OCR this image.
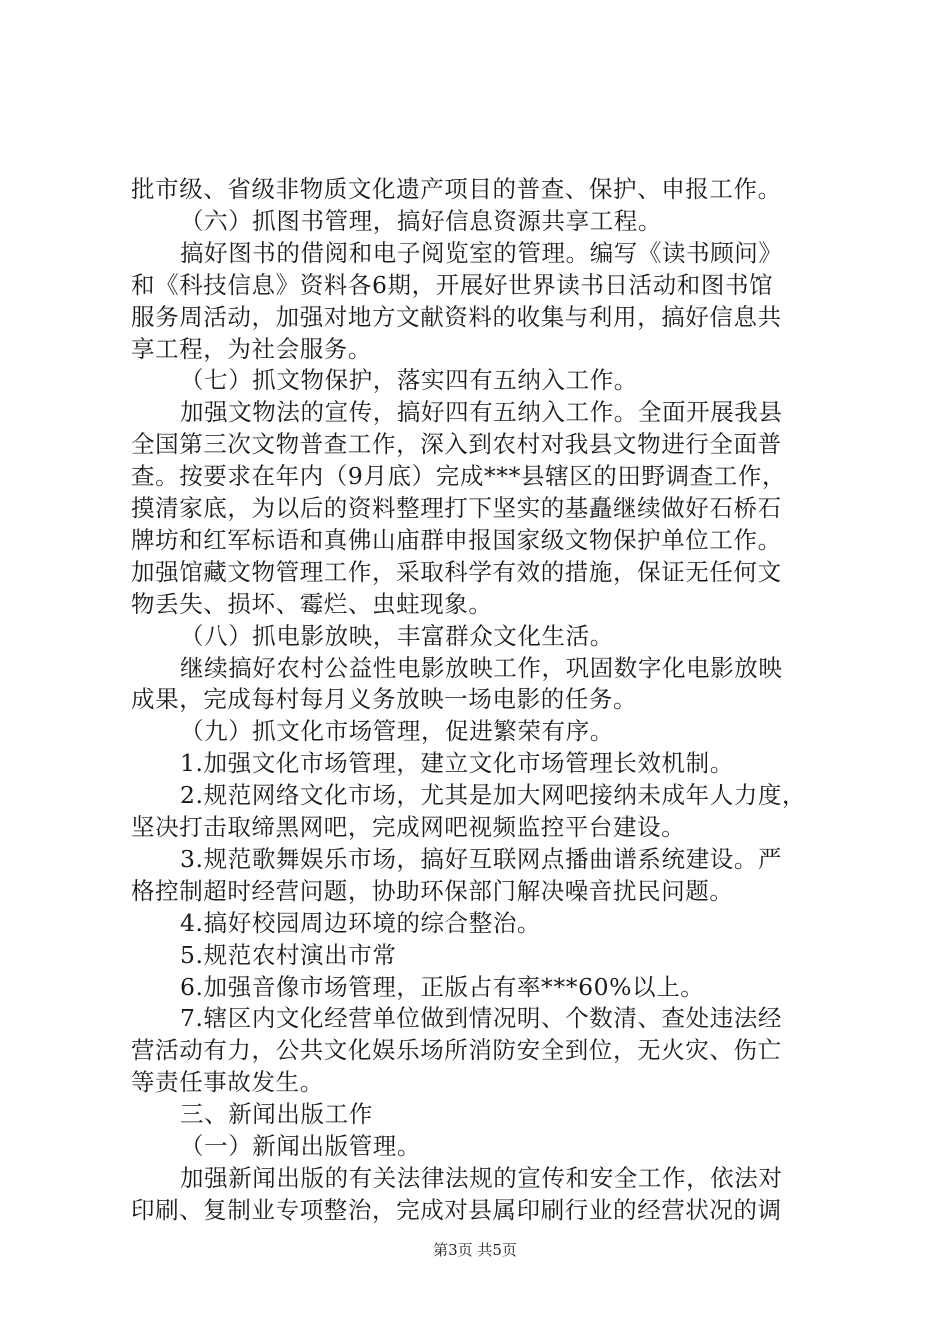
批市级、省级非物质文化遗产项目的普查、保护、申报工作。
（六）抓图书管理，搞好信息资源共享工程。
搞好图书的借阅和电子阅览室的管理。编写《读书顾问》
和《科技信息》资料各6期，开展好世界读书日活动和图书馆
服务周活动，加强对地方文献资料的收集与利用，搞好信息共
享工程，为社会服务。
（七）抓文物保护，落实四有五纳入工作。
加强文物法的宣传，搞好四有五纳入工作。全面开展我县
全国第三次文物普查工作，深入到农村对我县文物进行全面普
查。按要求在年内（9月底）完成***县辖区的田野调查工作，
摸清家底，为以后的资料整理打下坚实的基矗继续做好石桥石
牌坊和红军标语和真佛山庙群申报国家级文物保护单位工作。
加强馆藏文物管理工作，采取科学有效的措施，保证无任何文
物丢失、损坏、霉烂、虫蛀现象。
（八）抓电影放映，丰富群众文化生活。
继续搞好农村公益性电影放映工作，巩固数字化电影放映
成果，完成每村每月义务放映一场电影的任务。
（九）抓文化市场管理，促进繁荣有序。
1.加强文化市场管理，建立文化市场管理长效机制。
2.规范网络文化市场，尤其是加大网吧接纳未成年人力度，
坚决打击取缔黑网吧，完成网吧视频监控平台建设。
3.规范歌舞娱乐市场，搞好互联网点播曲谱系统建设。严
格控制超时经营问题，协助环保部门解决噪音扰民问题。
4.搞好校园周边环境的综合整治。
5.规范农村演出市常
6.加强音像市场管理，正版占有率***60%以上。
7.辖区内文化经营单位做到情况明、个数清、查处违法经
营活动有力，公共文化娱乐场所消防安全到位，无火灾、伤亡
等责任事故发生。
三、新闻出版工作
（一）新闻出版管理。
加强新闻出版的有关法律法规的宣传和安全工作，依法对
印刷、复制业专项整治，完成对县属印刷行业的经营状况的调
第3页 共5页
